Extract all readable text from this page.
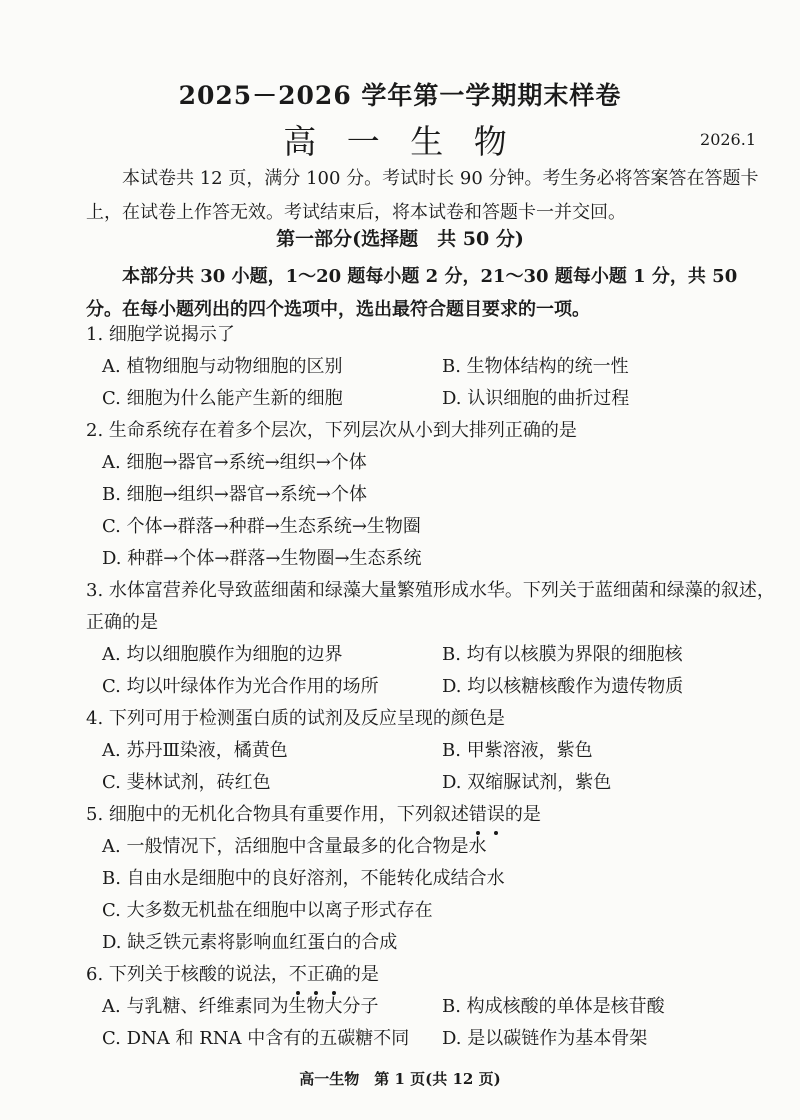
2025－2026 学年第一学期期末样卷
高 一 生 物	2026.1
本试卷共 12 页，满分 100 分。考试时长 90 分钟。考生务必将答案答在答题卡上，在试卷上作答无效。考试结束后，将本试卷和答题卡一并交回。
第一部分(选择题　共 50 分)
本部分共 30 小题，1～20 题每小题 2 分，21～30 题每小题 1 分，共 50 分。在每小题列出的四个选项中，选出最符合题目要求的一项。
1. 细胞学说揭示了
A. 植物细胞与动物细胞的区别	B. 生物体结构的统一性
C. 细胞为什么能产生新的细胞	D. 认识细胞的曲折过程
2. 生命系统存在着多个层次，下列层次从小到大排列正确的是
A. 细胞→器官→系统→组织→个体
B. 细胞→组织→器官→系统→个体
C. 个体→群落→种群→生态系统→生物圈
D. 种群→个体→群落→生物圈→生态系统
3. 水体富营养化导致蓝细菌和绿藻大量繁殖形成水华。下列关于蓝细菌和绿藻的叙述，正确的是
A. 均以细胞膜作为细胞的边界	B. 均有以核膜为界限的细胞核
C. 均以叶绿体作为光合作用的场所	D. 均以核糖核酸作为遗传物质
4. 下列可用于检测蛋白质的试剂及反应呈现的颜色是
A. 苏丹Ⅲ染液，橘黄色	B. 甲紫溶液，紫色
C. 斐林试剂，砖红色	D. 双缩脲试剂，紫色
5. 细胞中的无机化合物具有重要作用，下列叙述错误的是
A. 一般情况下，活细胞中含量最多的化合物是水
B. 自由水是细胞中的良好溶剂，不能转化成结合水
C. 大多数无机盐在细胞中以离子形式存在
D. 缺乏铁元素将影响血红蛋白的合成
6. 下列关于核酸的说法，不正确的是
A. 与乳糖、纤维素同为生物大分子	B. 构成核酸的单体是核苷酸
C. DNA 和 RNA 中含有的五碳糖不同	D. 是以碳链作为基本骨架
高一生物　第 1 页(共 12 页)
